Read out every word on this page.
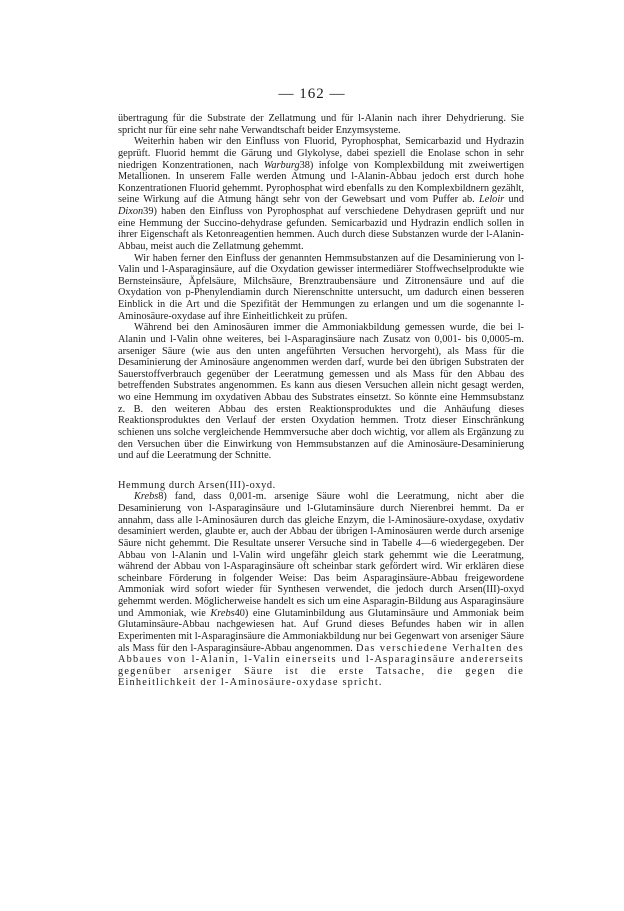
— 162 —

übertragung für die Substrate der Zellatmung und für l-Alanin nach ihrer Dehydrierung. Sie spricht nur für eine sehr nahe Verwandtschaft beider Enzymsysteme.

Weiterhin haben wir den Einfluss von Fluorid, Pyrophosphat, Semicarbazid und Hydrazin geprüft. Fluorid hemmt die Gärung und Glykolyse, dabei speziell die Enolase schon in sehr niedrigen Konzentrationen, nach Warburg38) infolge von Komplexbildung mit zweiwertigen Metallionen. In unserem Falle werden Atmung und l-Alanin-Abbau jedoch erst durch hohe Konzentrationen Fluorid gehemmt. Pyrophosphat wird ebenfalls zu den Komplexbildnern gezählt, seine Wirkung auf die Atmung hängt sehr von der Gewebsart und vom Puffer ab. Leloir und Dixon39) haben den Einfluss von Pyrophosphat auf verschiedene Dehydrasen geprüft und nur eine Hemmung der Succino-dehydrase gefunden. Semicarbazid und Hydrazin endlich sollen in ihrer Eigenschaft als Ketonreagentien hemmen. Auch durch diese Substanzen wurde der l-Alanin-Abbau, meist auch die Zellatmung gehemmt.

Wir haben ferner den Einfluss der genannten Hemmsubstanzen auf die Desaminierung von l-Valin und l-Asparaginsäure, auf die Oxydation gewisser intermediärer Stoffwechselprodukte wie Bernsteinsäure, Äpfelsäure, Milchsäure, Brenztraubensäure und Zitronensäure und auf die Oxydation von p-Phenylendiamin durch Nierenschnitte untersucht, um dadurch einen besseren Einblick in die Art und die Spezifität der Hemmungen zu erlangen und um die sogenannte l-Aminosäure-oxydase auf ihre Einheitlichkeit zu prüfen.

Während bei den Aminosäuren immer die Ammoniakbildung gemessen wurde, die bei l-Alanin und l-Valin ohne weiteres, bei l-Asparaginsäure nach Zusatz von 0,001- bis 0,0005-m. arseniger Säure (wie aus den unten angeführten Versuchen hervorgeht), als Mass für die Desaminierung der Aminosäure angenommen werden darf, wurde bei den übrigen Substraten der Sauerstoffverbrauch gegenüber der Leeratmung gemessen und als Mass für den Abbau des betreffenden Substrates angenommen. Es kann aus diesen Versuchen allein nicht gesagt werden, wo eine Hemmung im oxydativen Abbau des Substrates einsetzt. So könnte eine Hemmsubstanz z. B. den weiteren Abbau des ersten Reaktionsproduktes und die Anhäufung dieses Reaktionsproduktes den Verlauf der ersten Oxydation hemmen. Trotz dieser Einschränkung schienen uns solche vergleichende Hemmversuche aber doch wichtig, vor allem als Ergänzung zu den Versuchen über die Einwirkung von Hemmsubstanzen auf die Aminosäure-Desaminierung und auf die Leeratmung der Schnitte.

Hemmung durch Arsen(III)-oxyd.

Krebs8) fand, dass 0,001-m. arsenige Säure wohl die Leeratmung, nicht aber die Desaminierung von l-Asparaginsäure und l-Glutaminsäure durch Nierenbrei hemmt. Da er annahm, dass alle l-Aminosäuren durch das gleiche Enzym, die l-Aminosäure-oxydase, oxydativ desaminiert werden, glaubte er, auch der Abbau der übrigen l-Aminosäuren werde durch arsenige Säure nicht gehemmt. Die Resultate unserer Versuche sind in Tabelle 4—6 wiedergegeben. Der Abbau von l-Alanin und l-Valin wird ungefähr gleich stark gehemmt wie die Leeratmung, während der Abbau von l-Asparaginsäure oft scheinbar stark gefördert wird. Wir erklären diese scheinbare Förderung in folgender Weise: Das beim Asparaginsäure-Abbau freigewordene Ammoniak wird sofort wieder für Synthesen verwendet, die jedoch durch Arsen(III)-oxyd gehemmt werden. Möglicherweise handelt es sich um eine Asparagin-Bildung aus Asparaginsäure und Ammoniak, wie Krebs40) eine Glutaminbildung aus Glutaminsäure und Ammoniak beim Glutaminsäure-Abbau nachgewiesen hat. Auf Grund dieses Befundes haben wir in allen Experimenten mit l-Asparaginsäure die Ammoniakbildung nur bei Gegenwart von arseniger Säure als Mass für den l-Asparaginsäure-Abbau angenommen. Das verschiedene Verhalten des Abbaues von l-Alanin, l-Valin einerseits und l-Asparaginsäure andererseits gegenüber arseniger Säure ist die erste Tatsache, die gegen die Einheitlichkeit der l-Aminosäure-oxydase spricht.
